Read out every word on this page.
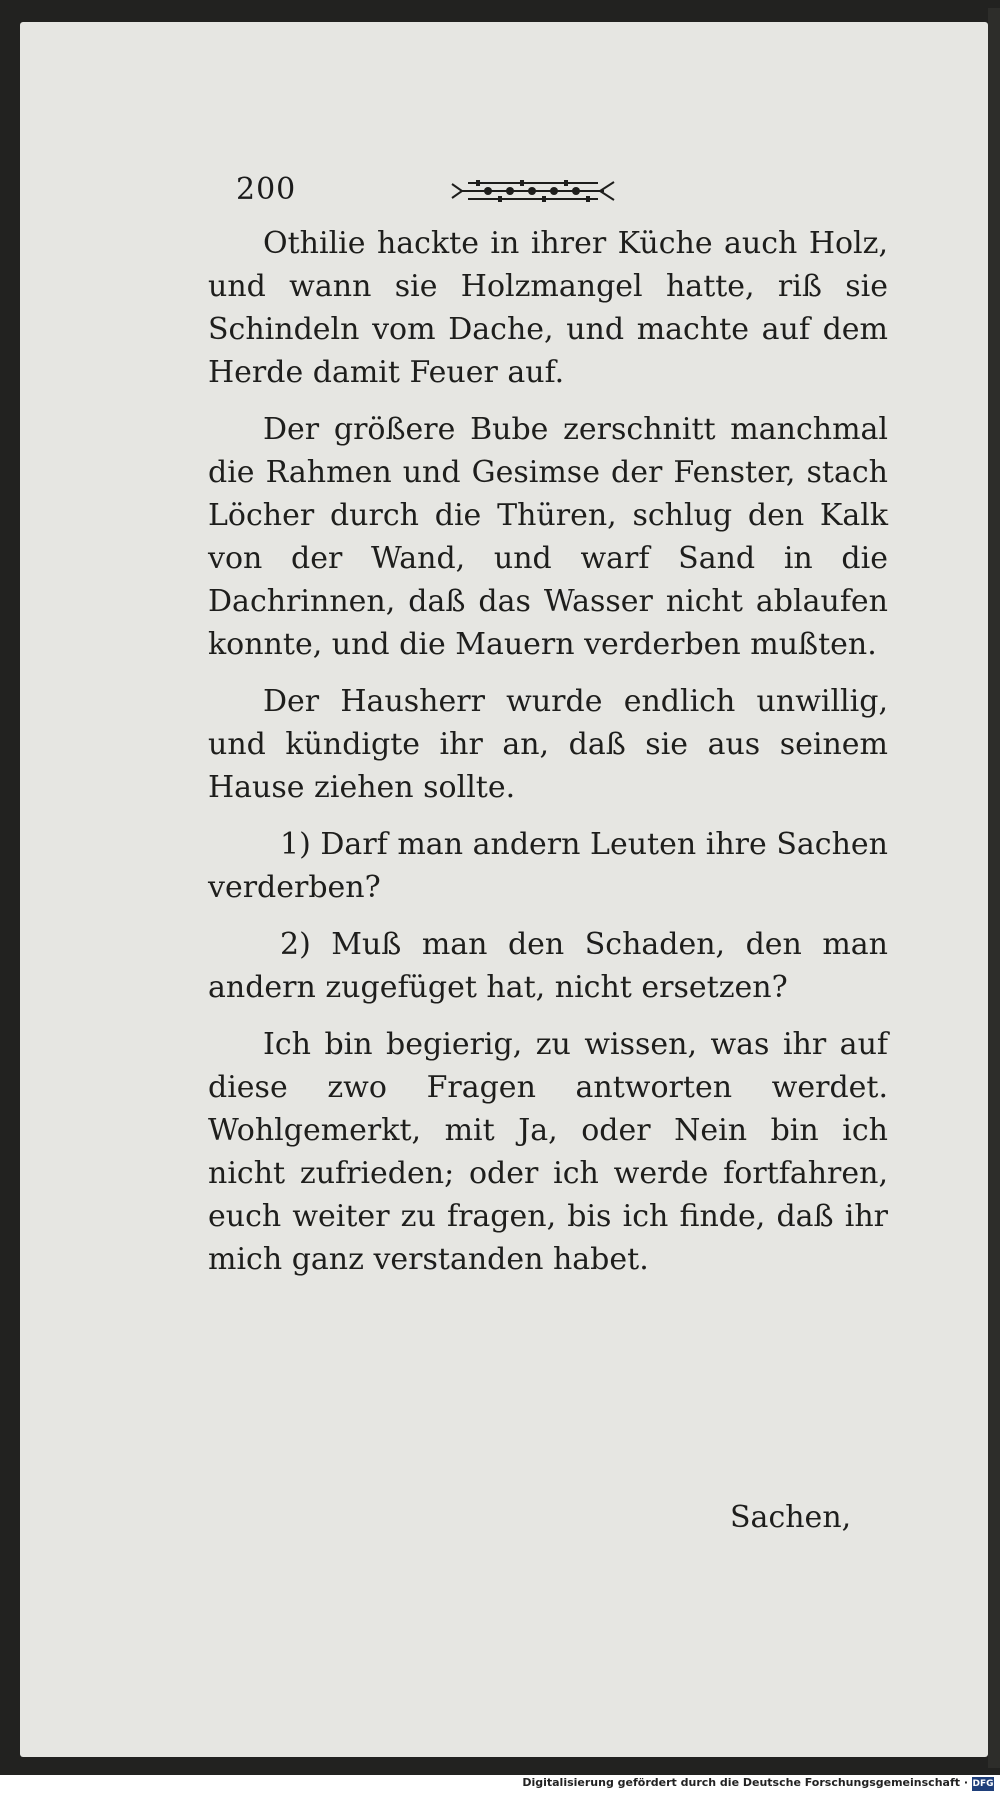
200

Othilie hackte in ihrer Küche auch Holz, und wann sie Holzmangel hatte, riß sie Schindeln vom Dache, und machte auf dem Herde damit Feuer auf.

Der größere Bube zerschnitt manchmal die Rahmen und Gesimse der Fenster, stach Löcher durch die Thüren, schlug den Kalk von der Wand, und warf Sand in die Dachrinnen, daß das Wasser nicht ablaufen konnte, und die Mauern verderben mußten.

Der Hausherr wurde endlich unwillig, und kündigte ihr an, daß sie aus seinem Hause ziehen sollte.

1) Darf man andern Leuten ihre Sachen verderben?

2) Muß man den Schaden, den man andern zugefüget hat, nicht ersetzen?

Ich bin begierig, zu wissen, was ihr auf diese zwo Fragen antworten werdet. Wohlgemerkt, mit Ja, oder Nein bin ich nicht zufrieden; oder ich werde fortfahren, euch weiter zu fragen, bis ich finde, daß ihr mich ganz verstanden habet.

Sachen,
Digitalisierung gefördert durch die Deutsche Forschungsgemeinschaft · DFG
